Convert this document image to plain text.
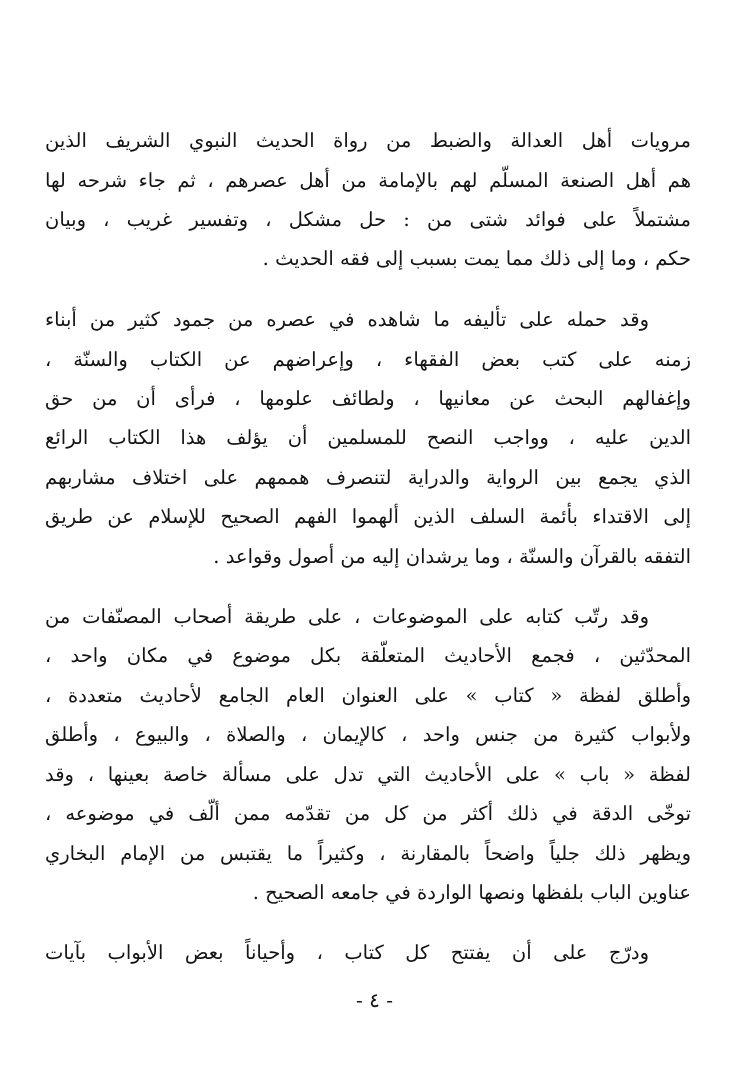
مرويات أهل العدالة والضبط من رواة الحديث النبوي الشريف الذين
هم أهل الصنعة المسلّم لهم بالإمامة من أهل عصرهم ، ثم جاء شرحه لها
مشتملاً على فوائد شتى من : حل مشكل ، وتفسير غريب ، وبيان
حكم ، وما إلى ذلك مما يمت بسبب إلى فقه الحديث .
وقد حمله على تأليفه ما شاهده في عصره من جمود كثير من أبناء
زمنه على كتب بعض الفقهاء ، وإعراضهم عن الكتاب والسنّة ،
وإغفالهم البحث عن معانيها ، ولطائف علومها ، فرأى أن من حق
الدين عليه ، وواجب النصح للمسلمين أن يؤلف هذا الكتاب الرائع
الذي يجمع بين الرواية والدراية لتنصرف هممهم على اختلاف مشاربهم
إلى الاقتداء بأئمة السلف الذين ألهموا الفهم الصحيح للإسلام عن طريق
التفقه بالقرآن والسنّة ، وما يرشدان إليه من أصول وقواعد .
وقد رتّب كتابه على الموضوعات ، على طريقة أصحاب المصنّفات من
المحدّثين ، فجمع الأحاديث المتعلّقة بكل موضوع في مكان واحد ،
وأطلق لفظة « كتاب » على العنوان العام الجامع لأحاديث متعددة ،
ولأبواب كثيرة من جنس واحد ، كالإيمان ، والصلاة ، والبيوع ، وأطلق
لفظة « باب » على الأحاديث التي تدل على مسألة خاصة بعينها ، وقد
توخّى الدقة في ذلك أكثر من كل من تقدّمه ممن ألّف في موضوعه ،
ويظهر ذلك جلياً واضحاً بالمقارنة ، وكثيراً ما يقتبس من الإمام البخاري
عناوين الباب بلفظها ونصها الواردة في جامعه الصحيح .
ودرّج على أن يفتتح كل كتاب ، وأحياناً بعض الأبواب بآيات
- ٤ -
